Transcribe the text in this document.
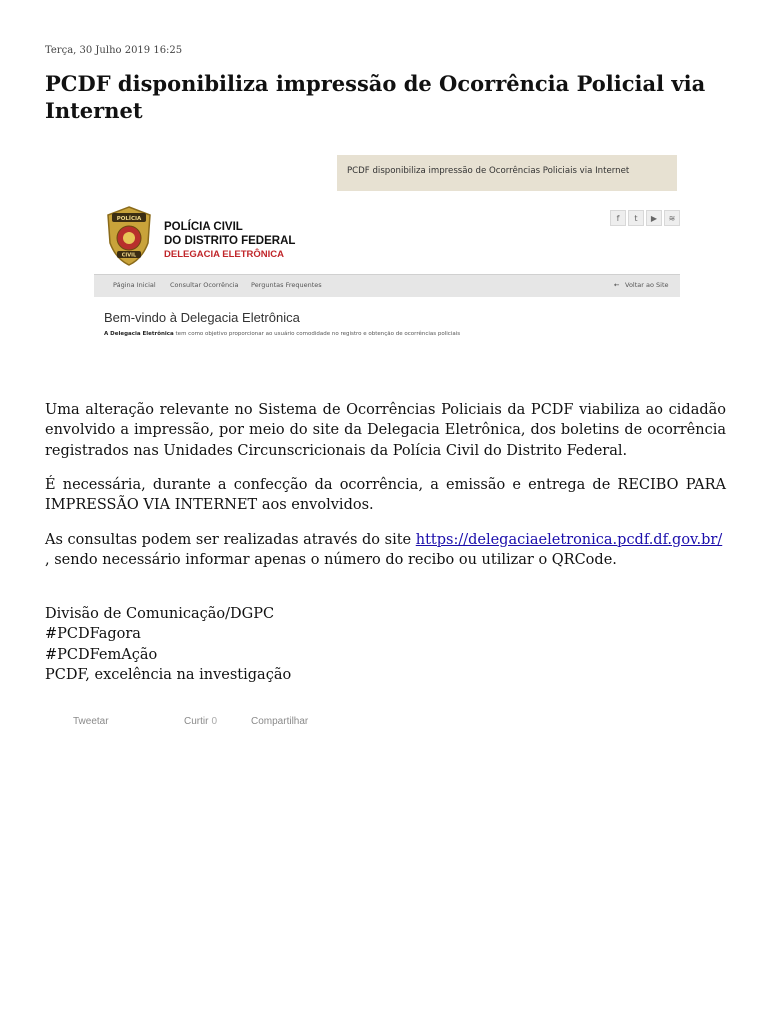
Terça, 30 Julho 2019 16:25
PCDF disponibiliza impressão de Ocorrência Policial via Internet
PCDF disponibiliza impressão de Ocorrências Policiais via Internet
POLÍCIA
CIVIL
POLÍCIA CIVIL
DO DISTRITO FEDERAL
DELEGACIA ELETRÔNICA
f	t	▶	≋
Página Inicial Consultar Ocorrência Perguntas Frequentes	← Voltar ao Site
Bem-vindo à Delegacia Eletrônica
A Delegacia Eletrônica tem como objetivo proporcionar ao usuário comodidade no registro e obtenção de ocorrências policiais

Uma alteração relevante no Sistema de Ocorrências Policiais da PCDF viabiliza ao cidadão envolvido a impressão, por meio do site da Delegacia Eletrônica, dos boletins de ocorrência registrados nas Unidades Circunscricionais da Polícia Civil do Distrito Federal.

É necessária, durante a confecção da ocorrência, a emissão e entrega de RECIBO PARA IMPRESSÃO VIA INTERNET aos envolvidos.

As consultas podem ser realizadas através do site https://delegaciaeletronica.pcdf.df.gov.br/ , sendo necessário informar apenas o número do recibo ou utilizar o QRCode.

Divisão de Comunicação/DGPC
#PCDFagora
#PCDFemAção
PCDF, excelência na investigação
Tweetar	Curtir 0	Compartilhar
